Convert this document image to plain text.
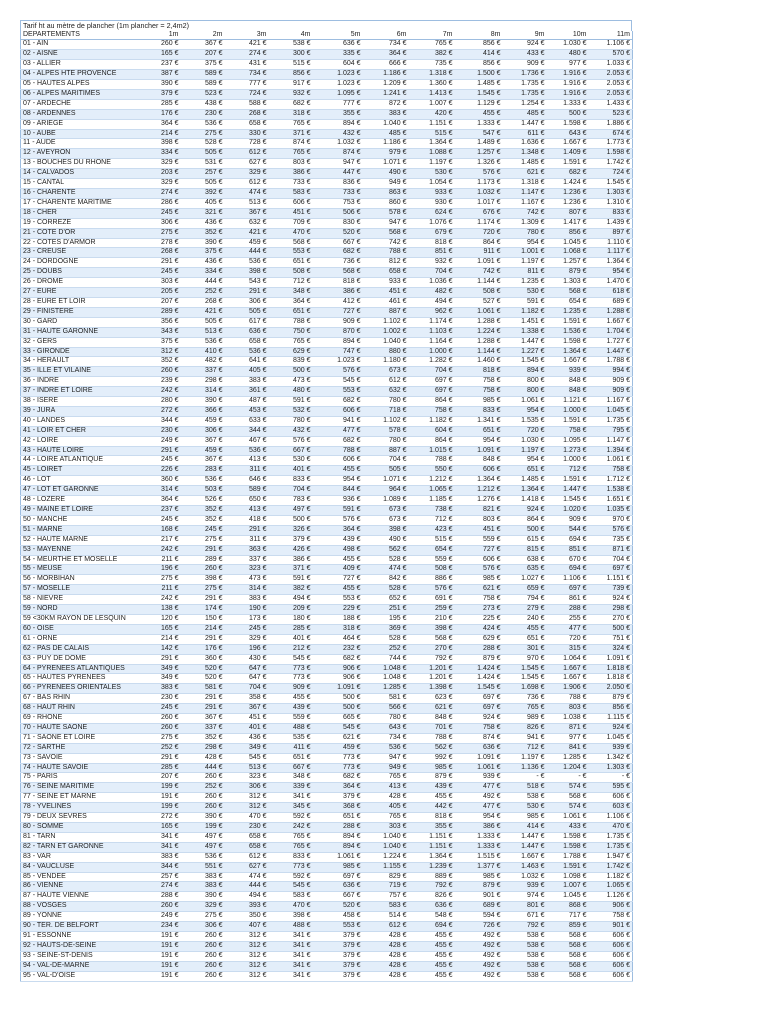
Tarif ht au mètre de plancher (1m plancher = 2,4m2)
DEPARTEMENTS	1m	2m	3m	4m	5m	6m	7m	8m	9m	10m	11m
01 - AIN	260 €	367 €	421 €	538 €	636 €	734 €	765 €	856 €	924 €	1.030 €	1.106 €
02 - AISNE	165 €	207 €	274 €	300 €	335 €	364 €	382 €	414 €	433 €	480 €	570 €
03 - ALLIER	237 €	375 €	431 €	515 €	604 €	666 €	735 €	856 €	909 €	977 €	1.033 €
04 - ALPES HTE PROVENCE	387 €	589 €	734 €	856 €	1.023 €	1.186 €	1.318 €	1.500 €	1.736 €	1.916 €	2.053 €
05 - HAUTES ALPES	390 €	589 €	777 €	917 €	1.023 €	1.209 €	1.360 €	1.485 €	1.735 €	1.916 €	2.053 €
06 - ALPES MARITIMES	379 €	523 €	724 €	932 €	1.095 €	1.241 €	1.413 €	1.545 €	1.735 €	1.916 €	2.053 €
07 - ARDECHE	285 €	438 €	588 €	682 €	777 €	872 €	1.007 €	1.129 €	1.254 €	1.333 €	1.433 €
08 - ARDENNES	176 €	230 €	268 €	318 €	355 €	383 €	420 €	455 €	485 €	500 €	523 €
09 - ARIEGE	364 €	536 €	658 €	765 €	894 €	1.040 €	1.151 €	1.333 €	1.447 €	1.598 €	1.886 €
10 - AUBE	214 €	275 €	330 €	371 €	432 €	485 €	515 €	547 €	611 €	643 €	674 €
11 - AUDE	398 €	528 €	728 €	874 €	1.032 €	1.186 €	1.364 €	1.489 €	1.636 €	1.667 €	1.773 €
12 - AVEYRON	334 €	505 €	612 €	765 €	874 €	979 €	1.088 €	1.257 €	1.348 €	1.409 €	1.598 €
13 - BOUCHES DU RHONE	329 €	531 €	627 €	803 €	947 €	1.071 €	1.197 €	1.326 €	1.485 €	1.591 €	1.742 €
14 - CALVADOS	203 €	257 €	329 €	386 €	447 €	490 €	530 €	576 €	621 €	682 €	724 €
15 - CANTAL	329 €	505 €	612 €	733 €	836 €	949 €	1.054 €	1.173 €	1.318 €	1.424 €	1.545 €
16 - CHARENTE	274 €	392 €	474 €	583 €	733 €	863 €	933 €	1.032 €	1.147 €	1.236 €	1.303 €
17 - CHARENTE MARITIME	286 €	405 €	513 €	606 €	753 €	860 €	930 €	1.017 €	1.167 €	1.236 €	1.310 €
18 - CHER	245 €	321 €	367 €	451 €	506 €	578 €	624 €	676 €	742 €	807 €	833 €
19 - CORREZE	306 €	436 €	632 €	709 €	830 €	947 €	1.076 €	1.174 €	1.309 €	1.417 €	1.439 €
21 - COTE D'OR	275 €	352 €	421 €	470 €	520 €	568 €	679 €	720 €	780 €	856 €	897 €
22 - COTES D'ARMOR	278 €	390 €	459 €	568 €	667 €	742 €	818 €	864 €	954 €	1.045 €	1.110 €
23 - CREUSE	268 €	375 €	444 €	553 €	682 €	788 €	851 €	911 €	1.001 €	1.068 €	1.117 €
24 - DORDOGNE	291 €	436 €	536 €	651 €	736 €	812 €	932 €	1.091 €	1.197 €	1.257 €	1.364 €
25 - DOUBS	245 €	334 €	398 €	508 €	568 €	658 €	704 €	742 €	811 €	879 €	954 €
26 - DROME	303 €	444 €	543 €	712 €	818 €	933 €	1.036 €	1.144 €	1.235 €	1.303 €	1.470 €
27 - EURE	205 €	252 €	291 €	348 €	386 €	451 €	482 €	508 €	530 €	568 €	618 €
28 - EURE ET LOIR	207 €	268 €	306 €	364 €	412 €	461 €	494 €	527 €	591 €	654 €	689 €
29 - FINISTERE	289 €	421 €	505 €	651 €	727 €	887 €	962 €	1.061 €	1.182 €	1.235 €	1.288 €
30 - GARD	356 €	505 €	617 €	788 €	909 €	1.102 €	1.174 €	1.288 €	1.451 €	1.591 €	1.667 €
31 - HAUTE GARONNE	343 €	513 €	636 €	750 €	870 €	1.002 €	1.103 €	1.224 €	1.338 €	1.536 €	1.704 €
32 - GERS	375 €	536 €	658 €	765 €	894 €	1.040 €	1.164 €	1.288 €	1.447 €	1.598 €	1.727 €
33 - GIRONDE	312 €	410 €	536 €	629 €	747 €	880 €	1.000 €	1.144 €	1.227 €	1.364 €	1.447 €
34 - HERAULT	352 €	482 €	641 €	839 €	1.023 €	1.180 €	1.282 €	1.460 €	1.545 €	1.667 €	1.788 €
35 - ILLE ET VILAINE	260 €	337 €	405 €	500 €	576 €	673 €	704 €	818 €	894 €	939 €	994 €
36 - INDRE	239 €	298 €	383 €	473 €	545 €	612 €	697 €	758 €	800 €	848 €	909 €
37 - INDRE ET LOIRE	242 €	314 €	361 €	480 €	553 €	632 €	697 €	758 €	800 €	848 €	909 €
38 - ISERE	280 €	390 €	487 €	591 €	682 €	780 €	864 €	985 €	1.061 €	1.121 €	1.167 €
39 - JURA	272 €	366 €	453 €	532 €	606 €	718 €	758 €	833 €	954 €	1.000 €	1.045 €
40 - LANDES	344 €	459 €	633 €	780 €	941 €	1.102 €	1.182 €	1.341 €	1.535 €	1.591 €	1.735 €
41 - LOIR ET CHER	230 €	306 €	344 €	432 €	477 €	578 €	604 €	651 €	720 €	758 €	795 €
42 - LOIRE	249 €	367 €	467 €	576 €	682 €	780 €	864 €	954 €	1.030 €	1.095 €	1.147 €
43 - HAUTE LOIRE	291 €	459 €	536 €	667 €	788 €	887 €	1.015 €	1.091 €	1.197 €	1.273 €	1.394 €
44 - LOIRE ATLANTIQUE	245 €	367 €	413 €	530 €	606 €	704 €	788 €	848 €	954 €	1.000 €	1.061 €
45 - LOIRET	226 €	283 €	311 €	401 €	455 €	505 €	550 €	606 €	651 €	712 €	758 €
46 - LOT	360 €	536 €	646 €	833 €	954 €	1.071 €	1.212 €	1.364 €	1.485 €	1.591 €	1.712 €
47 - LOT ET GARONNE	314 €	503 €	589 €	704 €	844 €	964 €	1.065 €	1.212 €	1.364 €	1.447 €	1.538 €
48 - LOZERE	364 €	526 €	650 €	783 €	936 €	1.089 €	1.185 €	1.276 €	1.418 €	1.545 €	1.651 €
49 - MAINE ET LOIRE	237 €	352 €	413 €	497 €	591 €	673 €	738 €	821 €	924 €	1.020 €	1.035 €
50 - MANCHE	245 €	352 €	418 €	500 €	576 €	673 €	712 €	803 €	864 €	909 €	970 €
51 - MARNE	168 €	245 €	291 €	326 €	364 €	398 €	423 €	451 €	500 €	544 €	576 €
52 - HAUTE MARNE	217 €	275 €	311 €	379 €	439 €	490 €	515 €	559 €	615 €	694 €	735 €
53 - MAYENNE	242 €	291 €	363 €	426 €	498 €	562 €	654 €	727 €	815 €	851 €	871 €
54 - MEURTHE ET MOSELLE	211 €	289 €	337 €	386 €	455 €	528 €	559 €	606 €	638 €	670 €	704 €
55 - MEUSE	196 €	260 €	323 €	371 €	409 €	474 €	508 €	576 €	635 €	694 €	697 €
56 - MORBIHAN	275 €	398 €	473 €	591 €	727 €	842 €	886 €	985 €	1.027 €	1.106 €	1.151 €
57 - MOSELLE	211 €	275 €	314 €	382 €	455 €	528 €	576 €	621 €	659 €	697 €	739 €
58 - NIEVRE	242 €	291 €	383 €	494 €	553 €	652 €	691 €	758 €	794 €	861 €	924 €
59 - NORD	138 €	174 €	190 €	209 €	229 €	251 €	259 €	273 €	279 €	288 €	298 €
59 <30KM RAYON DE LESQUIN	120 €	150 €	173 €	180 €	188 €	195 €	210 €	225 €	240 €	255 €	270 €
60 - OISE	165 €	214 €	245 €	285 €	318 €	369 €	398 €	424 €	455 €	477 €	500 €
61 - ORNE	214 €	291 €	329 €	401 €	464 €	528 €	568 €	629 €	651 €	720 €	751 €
62 - PAS DE CALAIS	142 €	176 €	196 €	212 €	232 €	252 €	270 €	288 €	301 €	315 €	324 €
63 - PUY DE DOME	291 €	360 €	430 €	545 €	682 €	744 €	792 €	879 €	970 €	1.064 €	1.091 €
64 - PYRENEES ATLANTIQUES	349 €	520 €	647 €	773 €	906 €	1.048 €	1.201 €	1.424 €	1.545 €	1.667 €	1.818 €
65 - HAUTES PYRENEES	349 €	520 €	647 €	773 €	906 €	1.048 €	1.201 €	1.424 €	1.545 €	1.667 €	1.818 €
66 - PYRENEES ORIENTALES	383 €	581 €	704 €	909 €	1.091 €	1.285 €	1.398 €	1.545 €	1.698 €	1.906 €	2.050 €
67 - BAS RHIN	230 €	291 €	358 €	455 €	500 €	581 €	623 €	697 €	736 €	788 €	879 €
68 - HAUT RHIN	245 €	291 €	367 €	439 €	500 €	566 €	621 €	697 €	765 €	803 €	856 €
69 - RHONE	260 €	367 €	451 €	559 €	665 €	780 €	848 €	924 €	989 €	1.038 €	1.115 €
70 - HAUTE SAONE	260 €	337 €	401 €	488 €	545 €	643 €	701 €	758 €	826 €	871 €	924 €
71 - SAONE ET LOIRE	275 €	352 €	436 €	535 €	621 €	734 €	788 €	874 €	941 €	977 €	1.045 €
72 - SARTHE	252 €	298 €	349 €	411 €	459 €	536 €	562 €	636 €	712 €	841 €	939 €
73 - SAVOIE	291 €	428 €	545 €	651 €	773 €	947 €	992 €	1.091 €	1.197 €	1.285 €	1.342 €
74 - HAUTE SAVOIE	285 €	444 €	513 €	667 €	773 €	949 €	985 €	1.061 €	1.136 €	1.204 €	1.303 €
75 - PARIS	207 €	260 €	323 €	348 €	682 €	765 €	879 €	939 €	- €	- €	- €
76 - SEINE MARITIME	199 €	252 €	306 €	339 €	364 €	413 €	439 €	477 €	518 €	574 €	595 €
77 - SEINE ET MARNE	191 €	260 €	312 €	341 €	379 €	428 €	455 €	492 €	538 €	568 €	606 €
78 - YVELINES	199 €	260 €	312 €	345 €	368 €	405 €	442 €	477 €	530 €	574 €	603 €
79 - DEUX SEVRES	272 €	390 €	470 €	592 €	651 €	765 €	818 €	954 €	985 €	1.061 €	1.106 €
80 - SOMME	165 €	199 €	230 €	242 €	288 €	303 €	355 €	386 €	414 €	433 €	470 €
81 - TARN	341 €	497 €	658 €	765 €	894 €	1.040 €	1.151 €	1.333 €	1.447 €	1.598 €	1.735 €
82 - TARN ET GARONNE	341 €	497 €	658 €	765 €	894 €	1.040 €	1.151 €	1.333 €	1.447 €	1.598 €	1.735 €
83 - VAR	383 €	536 €	612 €	833 €	1.061 €	1.224 €	1.364 €	1.515 €	1.667 €	1.788 €	1.947 €
84 - VAUCLUSE	344 €	551 €	627 €	773 €	985 €	1.155 €	1.239 €	1.377 €	1.463 €	1.591 €	1.742 €
85 - VENDEE	257 €	383 €	474 €	592 €	697 €	829 €	889 €	985 €	1.032 €	1.098 €	1.182 €
86 - VIENNE	274 €	383 €	444 €	545 €	636 €	719 €	792 €	879 €	939 €	1.007 €	1.065 €
87 - HAUTE VIENNE	288 €	390 €	494 €	583 €	667 €	757 €	826 €	901 €	974 €	1.045 €	1.126 €
88 - VOSGES	260 €	329 €	393 €	470 €	520 €	583 €	636 €	689 €	801 €	868 €	906 €
89 - YONNE	249 €	275 €	350 €	398 €	458 €	514 €	548 €	594 €	671 €	717 €	758 €
90 - TER. DE BELFORT	234 €	306 €	407 €	488 €	553 €	612 €	694 €	726 €	792 €	859 €	901 €
91 - ESSONNE	191 €	260 €	312 €	341 €	379 €	428 €	455 €	492 €	538 €	568 €	606 €
92 - HAUTS-DE-SEINE	191 €	260 €	312 €	341 €	379 €	428 €	455 €	492 €	538 €	568 €	606 €
93 - SEINE-ST-DENIS	191 €	260 €	312 €	341 €	379 €	428 €	455 €	492 €	538 €	568 €	606 €
94 - VAL-DE-MARNE	191 €	260 €	312 €	341 €	379 €	428 €	455 €	492 €	538 €	568 €	606 €
95 - VAL-D'OISE	191 €	260 €	312 €	341 €	379 €	428 €	455 €	492 €	538 €	568 €	606 €
